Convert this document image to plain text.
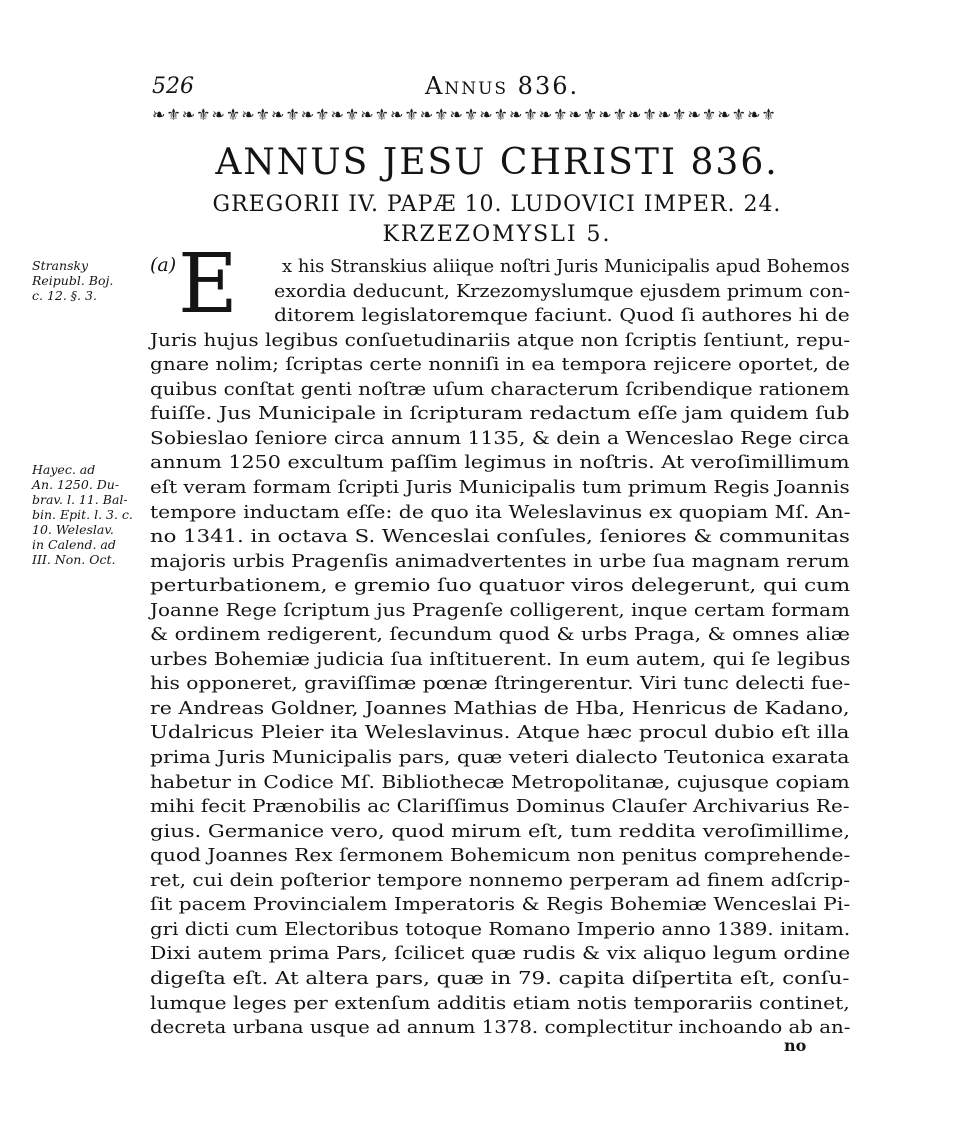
526	Annus 836.
❧⚜❧⚜❧⚜❧⚜❧⚜❧⚜❧⚜❧⚜❧⚜❧⚜❧⚜❧⚜❧⚜❧⚜❧⚜❧⚜❧⚜❧⚜❧⚜❧⚜❧⚜
ANNUS JESU CHRISTI 836.
GREGORII IV. PAPÆ 10. LUDOVICI IMPER. 24.
KRZEZOMYSLI 5.
Stransky
Reipubl. Boj.
c. 12. §. 3.
Hayec. ad
An. 1250. Du-
brav. l. 11. Bal-
bin. Epit. l. 3. c.
10. Weleslav.
in Calend. ad
III. Non. Oct.
(a) E x his Stranskius aliique noſtri Juris Municipalis apud Bohemos
exordia deducunt, Krzezomyslumque ejusdem primum con-
ditorem legislatoremque faciunt. Quod ſi authores hi de
Juris hujus legibus conſuetudinariis atque non ſcriptis ſentiunt, repu-
gnare nolim; ſcriptas certe nonniſi in ea tempora rejicere oportet, de
quibus conſtat genti noſtræ uſum characterum ſcribendique rationem
fuiſſe. Jus Municipale in ſcripturam redactum eſſe jam quidem ſub
Sobieslao ſeniore circa annum 1135, & dein a Wenceslao Rege circa
annum 1250 excultum paſſim legimus in noſtris. At veroſimillimum
eſt veram formam ſcripti Juris Municipalis tum primum Regis Joannis
tempore inductam eſſe: de quo ita Weleslavinus ex quopiam Mſ. An-
no 1341. in octava S. Wenceslai conſules, ſeniores & communitas
majoris urbis Pragenſis animadvertentes in urbe ſua magnam rerum
perturbationem, e gremio ſuo quatuor viros delegerunt, qui cum
Joanne Rege ſcriptum jus Pragenſe colligerent, inque certam formam
& ordinem redigerent, ſecundum quod & urbs Praga, & omnes aliæ
urbes Bohemiæ judicia ſua inſtituerent. In eum autem, qui ſe legibus
his opponeret, graviſſimæ pœnæ ſtringerentur. Viri tunc delecti fue-
re Andreas Goldner, Joannes Mathias de Hba, Henricus de Kadano,
Udalricus Pleier ita Weleslavinus. Atque hæc procul dubio eſt illa
prima Juris Municipalis pars, quæ veteri dialecto Teutonica exarata
habetur in Codice Mſ. Bibliothecæ Metropolitanæ, cujusque copiam
mihi fecit Prænobilis ac Clariſſimus Dominus Clauſer Archivarius Re-
gius. Germanice vero, quod mirum eſt, tum reddita veroſimillime,
quod Joannes Rex ſermonem Bohemicum non penitus comprehende-
ret, cui dein poſterior tempore nonnemo perperam ad finem adſcrip-
ſit pacem Provincialem Imperatoris & Regis Bohemiæ Wenceslai Pi-
gri dicti cum Electoribus totoque Romano Imperio anno 1389. initam.
Dixi autem prima Pars, ſcilicet quæ rudis & vix aliquo legum ordine
digeſta eſt. At altera pars, quæ in 79. capita diſpertita eſt, conſu-
lumque leges per extenſum additis etiam notis temporariis continet,
decreta urbana usque ad annum 1378. complectitur inchoando ab an-
no
